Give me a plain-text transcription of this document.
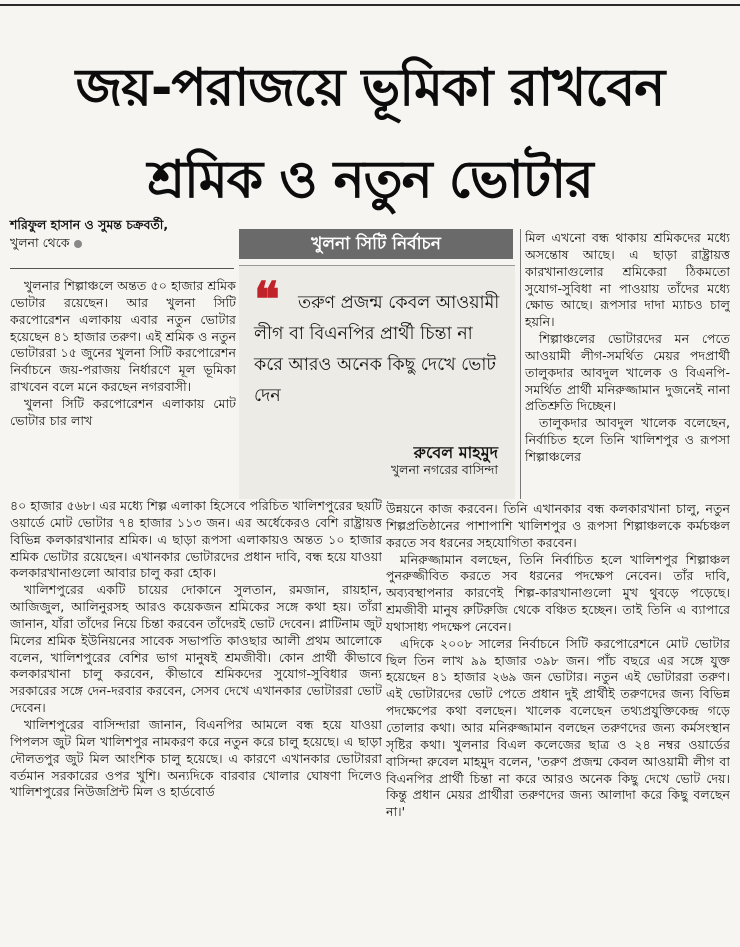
জয়-পরাজয়ে ভূমিকা রাখবেন
শ্রমিক ও নতুন ভোটার
শরিফুল হাসান ও সুমন্ত চক্রবর্তী,
খুলনা থেকে	খুলনা সিটি নির্বাচন
❝	তরুণ প্রজন্ম কেবল আওয়ামী লীগ বা বিএনপির প্রার্থী চিন্তা না করে আরও অনেক কিছু দেখে ভোট দেন
রুবেল মাহমুদ
খুলনা নগরের বাসিন্দা

খুলনার শিল্পাঞ্চলে অন্তত ৫০ হাজার শ্রমিক ভোটার রয়েছেন। আর খুলনা সিটি করপোরেশন এলাকায় এবার নতুন ভোটার হয়েছেন ৪১ হাজার তরুণ। এই শ্রমিক ও নতুন ভোটাররা ১৫ জুনের খুলনা সিটি করপোরেশন নির্বাচনে জয়-পরাজয় নির্ধারণে মূল ভূমিকা রাখবেন বলে মনে করছেন নগরবাসী।

খুলনা সিটি করপোরেশন এলাকায় মোট ভোটার চার লাখ

মিল এখনো বন্ধ থাকায় শ্রমিকদের মধ্যে অসন্তোষ আছে। এ ছাড়া রাষ্ট্রায়ত্ত কারখানাগুলোর শ্রমিকেরা ঠিকমতো সুযোগ-সুবিধা না পাওয়ায় তাঁদের মধ্যে ক্ষোভ আছে। রূপসার দাদা ম্যাচও চালু হয়নি।

শিল্পাঞ্চলের ভোটারদের মন পেতে আওয়ামী লীগ-সমর্থিত মেয়র পদপ্রার্থী তালুকদার আবদুল খালেক ও বিএনপি-সমর্থিত প্রার্থী মনিরুজ্জামান দুজনেই নানা প্রতিশ্রুতি দিচ্ছেন।

তালুকদার আবদুল খালেক বলেছেন, নির্বাচিত হলে তিনি খালিশপুর ও রূপসা শিল্পাঞ্চলের

৪০ হাজার ৫৬৮। এর মধ্যে শিল্প এলাকা হিসেবে পরিচিত খালিশপুরের ছয়টি ওয়ার্ডে মোট ভোটার ৭৪ হাজার ১১৩ জন। এর অর্ধেকেরও বেশি রাষ্ট্রায়ত্ত বিভিন্ন কলকারখানার শ্রমিক। এ ছাড়া রূপসা এলাকায়ও অন্তত ১০ হাজার শ্রমিক ভোটার রয়েছেন। এখানকার ভোটারদের প্রধান দাবি, বন্ধ হয়ে যাওয়া কলকারখানাগুলো আবার চালু করা হোক।

খালিশপুরের একটি চায়ের দোকানে সুলতান, রমজান, রায়হান, আজিজুল, আলিনুরসহ আরও কয়েকজন শ্রমিকের সঙ্গে কথা হয়। তাঁরা জানান, যাঁরা তাঁদের নিয়ে চিন্তা করবেন তাঁদেরই ভোট দেবেন। প্লাটিনাম জুট মিলের শ্রমিক ইউনিয়নের সাবেক সভাপতি কাওছার আলী প্রথম আলোকে বলেন, খালিশপুরের বেশির ভাগ মানুষই শ্রমজীবী। কোন প্রার্থী কীভাবে কলকারখানা চালু করবেন, কীভাবে শ্রমিকদের সুযোগ-সুবিধার জন্য সরকারের সঙ্গে দেন-দরবার করবেন, সেসব দেখে এখানকার ভোটাররা ভোট দেবেন।

খালিশপুরের বাসিন্দারা জানান, বিএনপির আমলে বন্ধ হয়ে যাওয়া পিপলস জুট মিল খালিশপুর নামকরণ করে নতুন করে চালু হয়েছে। এ ছাড়া দৌলতপুর জুট মিল আংশিক চালু হয়েছে। এ কারণে এখানকার ভোটাররা বর্তমান সরকারের ওপর খুশি। অন্যদিকে বারবার খোলার ঘোষণা দিলেও খালিশপুরের নিউজপ্রিন্ট মিল ও হার্ডবোর্ড

উন্নয়নে কাজ করবেন। তিনি এখানকার বন্ধ কলকারখানা চালু, নতুন শিল্পপ্রতিষ্ঠানের পাশাপাশি খালিশপুর ও রূপসা শিল্পাঞ্চলকে কর্মচঞ্চল করতে সব ধরনের সহযোগিতা করবেন।

মনিরুজ্জামান বলছেন, তিনি নির্বাচিত হলে খালিশপুর শিল্পাঞ্চল পুনরুজ্জীবিত করতে সব ধরনের পদক্ষেপ নেবেন। তাঁর দাবি, অব্যবস্থাপনার কারণেই শিল্প-কারখানাগুলো মুখ থুবড়ে পড়েছে। শ্রমজীবী মানুষ রুটিরুজি থেকে বঞ্চিত হচ্ছেন। তাই তিনি এ ব্যাপারে যথাসাধ্য পদক্ষেপ নেবেন।

এদিকে ২০০৮ সালের নির্বাচনে সিটি করপোরেশনে মোট ভোটার ছিল তিন লাখ ৯৯ হাজার ৩৯৮ জন। পাঁচ বছরে এর সঙ্গে যুক্ত হয়েছেন ৪১ হাজার ২৬৯ জন ভোটার। নতুন এই ভোটাররা তরুণ। এই ভোটারদের ভোট পেতে প্রধান দুই প্রার্থীই তরুণদের জন্য বিভিন্ন পদক্ষেপের কথা বলছেন। খালেক বলেছেন তথ্যপ্রযুক্তিকেন্দ্র গড়ে তোলার কথা। আর মনিরুজ্জামান বলছেন তরুণদের জন্য কর্মসংস্থান সৃষ্টির কথা। খুলনার বিএল কলেজের ছাত্র ও ২৪ নম্বর ওয়ার্ডের বাসিন্দা রুবেল মাহমুদ বলেন, 'তরুণ প্রজন্ম কেবল আওয়ামী লীগ বা বিএনপির প্রার্থী চিন্তা না করে আরও অনেক কিছু দেখে ভোট দেয়। কিন্তু প্রধান মেয়র প্রার্থীরা তরুণদের জন্য আলাদা করে কিছু বলছেন না।'
